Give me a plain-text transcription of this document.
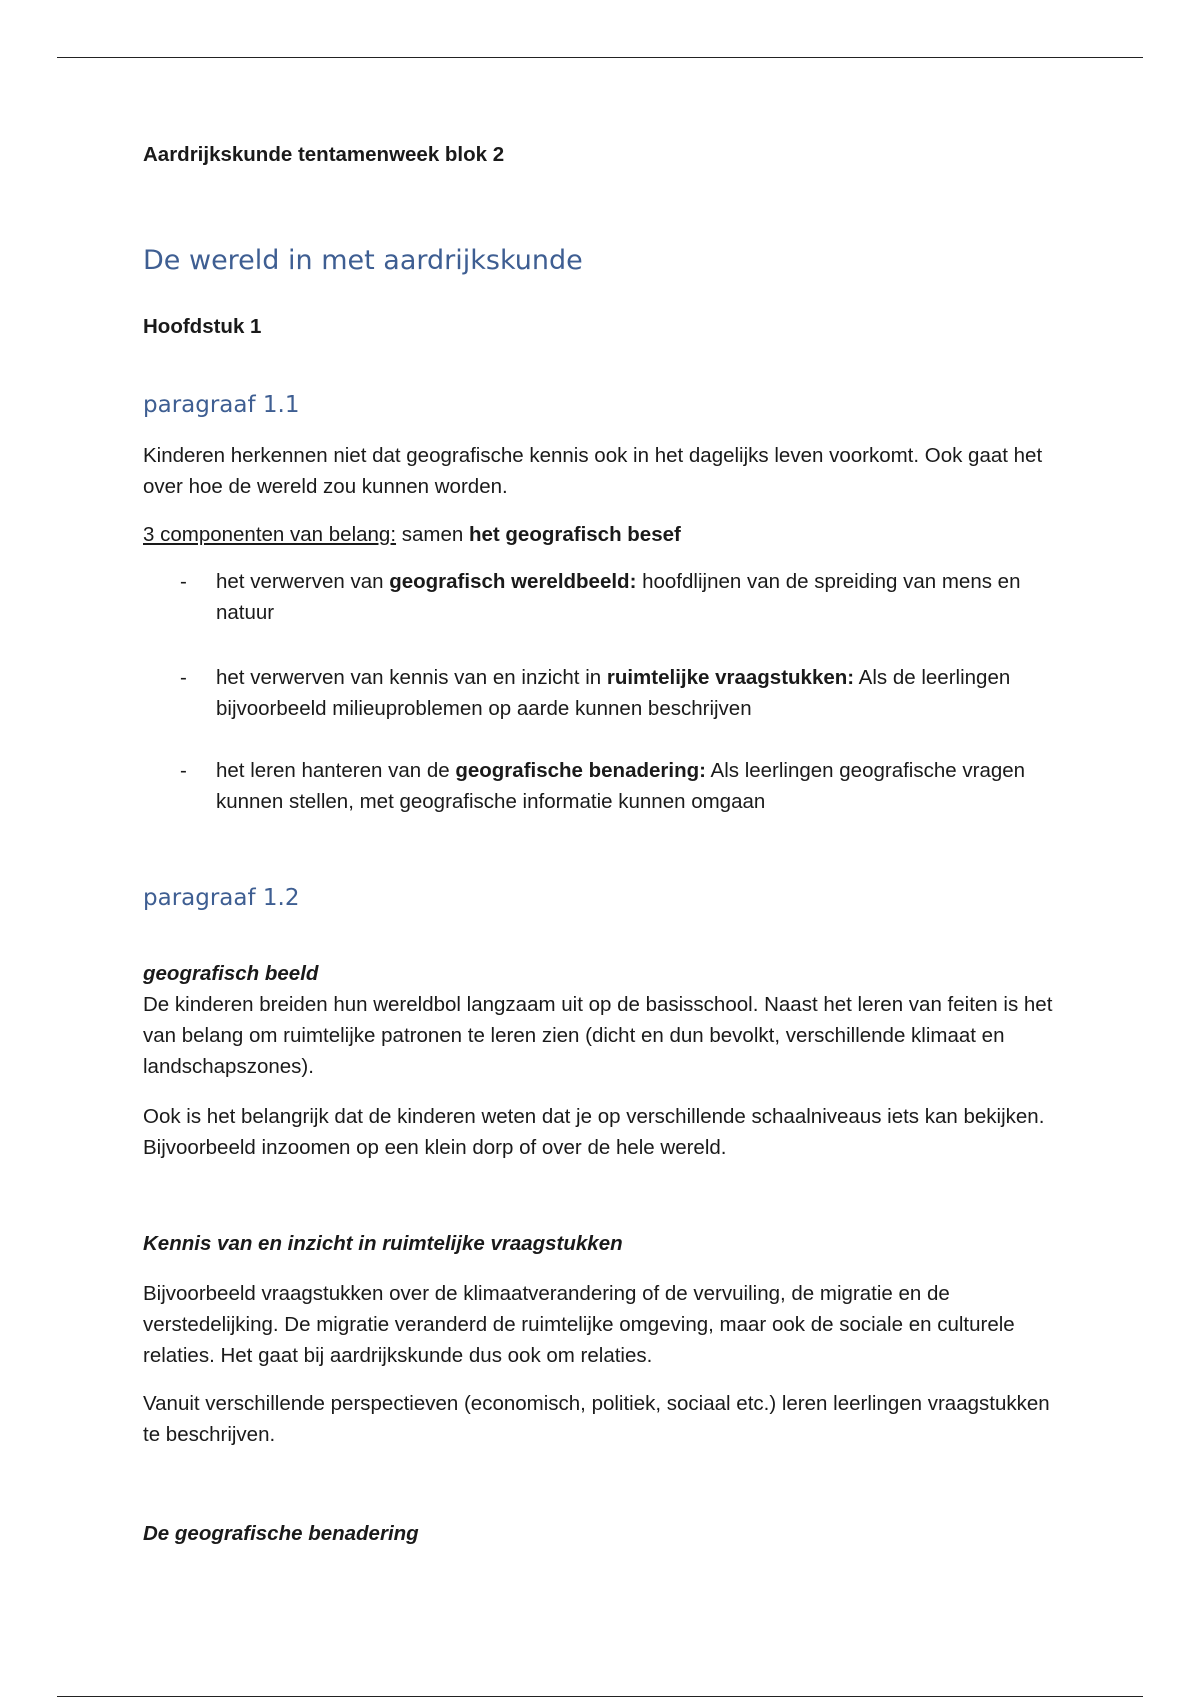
Aardrijkskunde tentamenweek blok 2

De wereld in met aardrijkskunde

Hoofdstuk 1

paragraaf 1.1

Kinderen herkennen niet dat geografische kennis ook in het dagelijks leven voorkomt. Ook gaat het over hoe de wereld zou kunnen worden.

3 componenten van belang: samen het geografisch besef

- het verwerven van geografisch wereldbeeld: hoofdlijnen van de spreiding van mens en natuur
- het verwerven van kennis van en inzicht in ruimtelijke vraagstukken: Als de leerlingen bijvoorbeeld milieuproblemen op aarde kunnen beschrijven
- het leren hanteren van de geografische benadering: Als leerlingen geografische vragen kunnen stellen, met geografische informatie kunnen omgaan
paragraaf 1.2

geografisch beeld

De kinderen breiden hun wereldbol langzaam uit op de basisschool. Naast het leren van feiten is het van belang om ruimtelijke patronen te leren zien (dicht en dun bevolkt, verschillende klimaat en landschapszones).

Ook is het belangrijk dat de kinderen weten dat je op verschillende schaalniveaus iets kan bekijken. Bijvoorbeeld inzoomen op een klein dorp of over de hele wereld.

Kennis van en inzicht in ruimtelijke vraagstukken

Bijvoorbeeld vraagstukken over de klimaatverandering of de vervuiling, de migratie en de verstedelijking. De migratie veranderd de ruimtelijke omgeving, maar ook de sociale en culturele relaties. Het gaat bij aardrijkskunde dus ook om relaties.

Vanuit verschillende perspectieven (economisch, politiek, sociaal etc.) leren leerlingen vraagstukken te beschrijven.

De geografische benadering
